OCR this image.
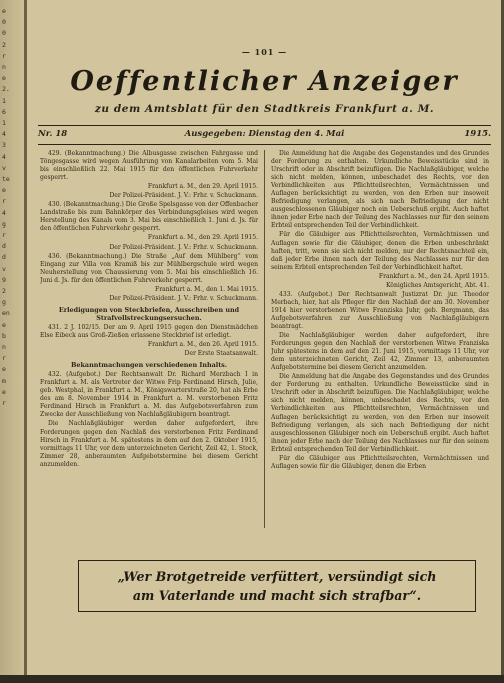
e
0
0
2
r
n
e
2.
1
6
1
4
3
4
v
te
e
r
4
g
r
d
d
v
9
2
g
en
e
b
n
r
e
m
e
r
— 101 —
Oeffentlicher Anzeiger
zu dem Amtsblatt für den Stadtkreis Frankfurt a. M.
Nr. 18	Ausgegeben: Dienstag den 4. Mai	1915.

429. (Bekanntmachung.) Die Albusgasse zwischen Fahrgasse und Töngesgasse wird wegen Ausführung von Kanalarbeiten vom 5. Mai bis einschließlich 22. Mai 1915 für den öffentlichen Fuhrverkehr gesperrt.

Frankfurt a. M., den 29. April 1915.

Der Polizei-Präsident. J. V.: Frhr. v. Schuckmann.

430. (Bekanntmachung.) Die Große Spelsgasse von der Offenbacher Landstraße bis zum Bahnkörper des Verbindungsgleises wird wegen Herstellung des Kanals vom 3. Mai bis einschließlich 1. Juni d. Js. für den öffentlichen Fuhrverkehr gesperrt.

Frankfurt a. M., den 29. April 1915.

Der Polizei-Präsident. J. V.: Frhr. v. Schuckmann.

436. (Bekanntmachung.) Die Straße „Auf dem Mühlberg“ vom Eingang zur Villa von Kramiß bis zur Mühlbergschule wird wegen Neuherstellung von Chaussierung vom 5. Mai bis einschließlich 16. Juni d. Js. für den öffentlichen Fuhrverkehr gesperrt.

Frankfurt a. M., den 1. Mai 1915.

Der Polizei-Präsident. J. V.: Frhr. v. Schuckmann.

Erledigungen von Steckbriefen, Ausschreiben und Strafvollstreckungsersuchen.

431. 2 J. 102/15. Der am 9. April 1915 gegen den Dienstmädchen Else Eibeck aus Groß-Zießen erlassene Steckbrief ist erledigt.

Frankfurt a. M., den 26. April 1915.

Der Erste Staatsanwalt.

Bekanntmachungen verschiedenen Inhalts.

432. (Aufgebot.) Der Rechtsanwalt Dr. Richard Merzbach I in Frankfurt a. M. als Vertreter der Witwe Frip Ferdinand Hirsch, Julie, geb. Westphal, in Frankfurt a. M., Königswarterstraße 20, hat als Erbe des am 8. November 1914 in Frankfurt a. M. verstorbenen Fritz Ferdinand Hirsch in Frankfurt a. M. das Aufgebotsverfahren zum Zwecke der Ausschließung von Nachlaßgläubigern beantragt.

Die Nachlaßgläubiger werden daher aufgefordert, ihre Forderungen gegen den Nachlaß des verstorbenen Fritz Ferdinand Hirsch in Frankfurt a. M. spätestens in dem auf den 2. Oktober 1915, vormittags 11 Uhr, vor dem unterzeichneten Gericht, Zeil 42, 1. Stock, Zimmer 28, anberaumten Aufgebotstermine bei diesem Gericht anzumelden.

Die Anmeldung hat die Angabe des Gegenstandes und des Grundes der Forderung zu enthalten. Urkundliche Beweisstücke sind in Urschrift oder in Abschrift beizufügen. Die Nachlaßgläubiger, welche sich nicht melden, können, unbeschadet des Rechts, vor den Verbindlichkeiten aus Pflichtteilsrechten, Vermächtnissen und Auflagen berücksichtigt zu werden, von den Erben nur insoweit Befriedigung verlangen, als sich nach Befriedigung der nicht ausgeschlossenen Gläubiger noch ein Ueberschuß ergibt. Auch haftet ihnen jeder Erbe nach der Teilung des Nachlasses nur für den seinem Erbteil entsprechenden Teil der Verbindlichkeit.

Für die Gläubiger aus Pflichtteilsrechten, Vermächtnissen und Auflagen sowie für die Gläubiger, denen die Erben unbeschränkt haften, tritt, wenn sie sich nicht melden, nur der Rechtsnachteil ein, daß jeder Erbe ihnen nach der Teilung des Nachlasses nur für den seinem Erbteil entsprechenden Teil der Verbindlichkeit haftet.

Frankfurt a. M., den 24. April 1915.

Königliches Amtsgericht, Abt. 41.

433. (Aufgebot.) Der Rechtsanwalt Justizrat Dr. jur. Theodor Merbach, hier, hat als Pfleger für den Nachlaß der am 30. November 1914 hier verstorbenen Witwe Franziska Juhr, geb. Bergmann, das Aufgebotsverfahren zur Ausschließung von Nachlaßgläubigern beantragt.

Die Nachlaßgläubiger werden daher aufgefordert, ihre Forderungen gegen den Nachlaß der verstorbenen Witwe Franziska Juhr spätestens in dem auf den 21. Juni 1915, vormittags 11 Uhr, vor dem unterzeichneten Gericht, Zeil 42, Zimmer 13, anberaumten Aufgebotstermine bei diesem Gericht anzumelden.

Die Anmeldung hat die Angabe des Gegenstandes und des Grundes der Forderung zu enthalten. Urkundliche Beweisstücke sind in Urschrift oder in Abschrift beizufügen. Die Nachlaßgläubiger, welche sich nicht melden, können, unbeschadet des Rechts, vor den Verbindlichkeiten aus Pflichtteilsrechten, Vermächtnissen und Auflagen berücksichtigt zu werden, von den Erben nur insoweit Befriedigung verlangen, als sich nach Befriedigung der nicht ausgeschlossenen Gläubiger noch ein Ueberschuß ergibt. Auch haftet ihnen jeder Erbe nach der Teilung des Nachlasses nur für den seinem Erbteil entsprechenden Teil der Verbindlichkeit.

Für die Gläubiger aus Pflichtteilsrechten, Vermächtnissen und Auflagen sowie für die Gläubiger, denen die Erben

„Wer Brotgetreide verfüttert, versündigt sich
am Vaterlande und macht sich strafbar“.
